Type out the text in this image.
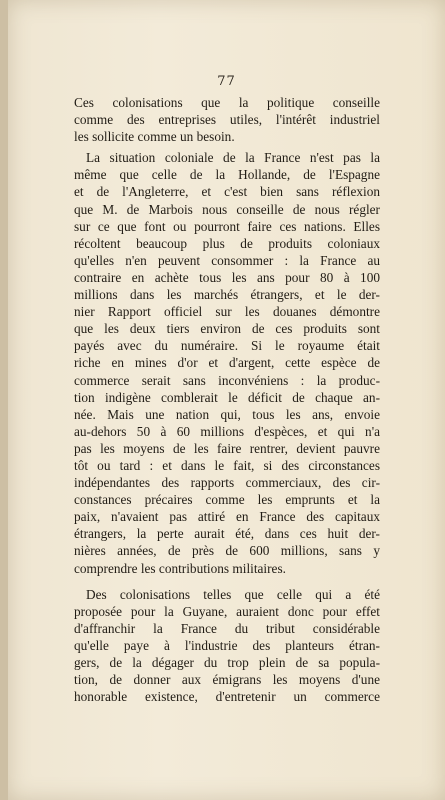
77
Ces colonisations que la politique conseille
comme des entreprises utiles, l'intérêt industriel
les sollicite comme un besoin.
La situation coloniale de la France n'est pas la
même que celle de la Hollande, de l'Espagne
et de l'Angleterre, et c'est bien sans réflexion
que M. de Marbois nous conseille de nous régler
sur ce que font ou pourront faire ces nations. Elles
récoltent beaucoup plus de produits coloniaux
qu'elles n'en peuvent consommer : la France au
contraire en achète tous les ans pour 80 à 100
millions dans les marchés étrangers, et le der-
nier Rapport officiel sur les douanes démontre
que les deux tiers environ de ces produits sont
payés avec du numéraire. Si le royaume était
riche en mines d'or et d'argent, cette espèce de
commerce serait sans inconvéniens : la produc-
tion indigène comblerait le déficit de chaque an-
née. Mais une nation qui, tous les ans, envoie
au-dehors 50 à 60 millions d'espèces, et qui n'a
pas les moyens de les faire rentrer, devient pauvre
tôt ou tard : et dans le fait, si des circonstances
indépendantes des rapports commerciaux, des cir-
constances précaires comme les emprunts et la
paix, n'avaient pas attiré en France des capitaux
étrangers, la perte aurait été, dans ces huit der-
nières années, de près de 600 millions, sans y
comprendre les contributions militaires.
Des colonisations telles que celle qui a été
proposée pour la Guyane, auraient donc pour effet
d'affranchir la France du tribut considérable
qu'elle paye à l'industrie des planteurs étran-
gers, de la dégager du trop plein de sa popula-
tion, de donner aux émigrans les moyens d'une
honorable existence, d'entretenir un commerce
